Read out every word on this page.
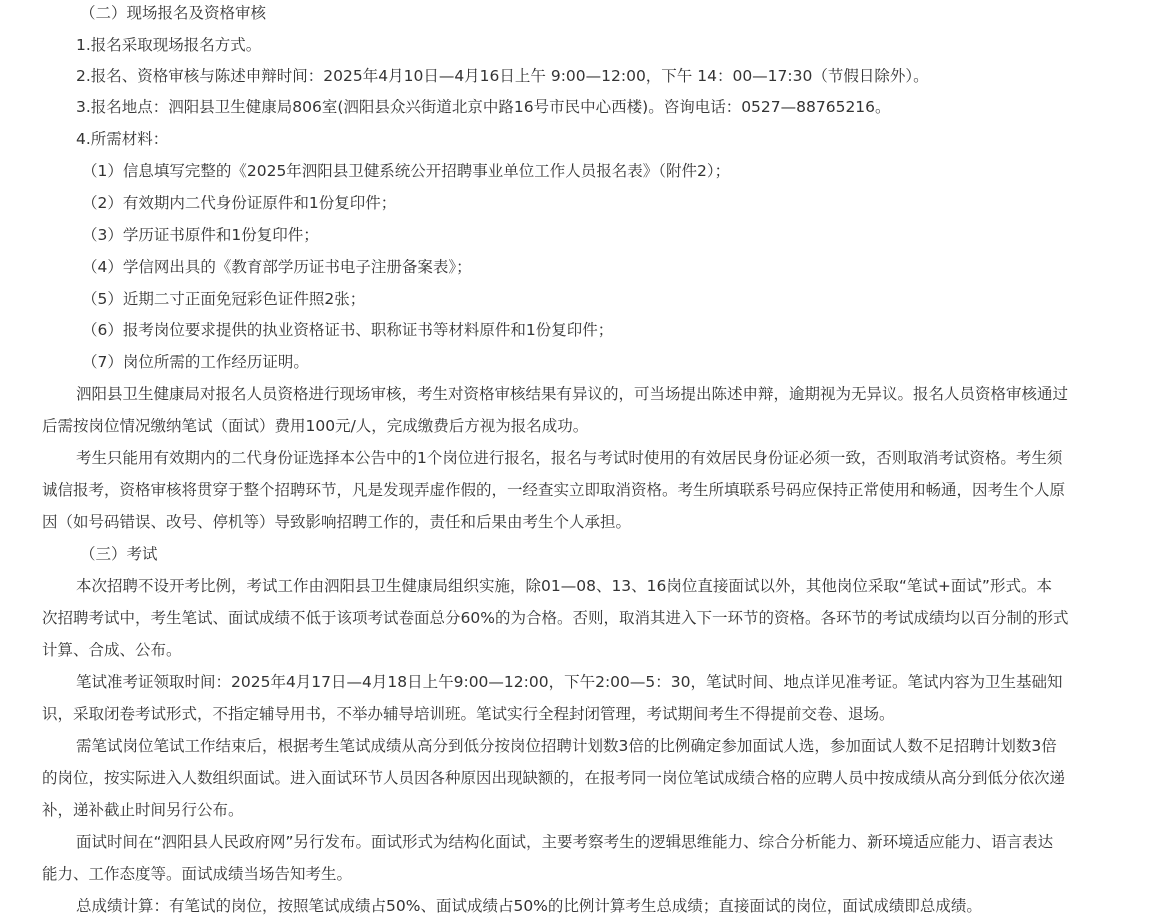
（二）现场报名及资格审核
1.报名采取现场报名方式。
2.报名、资格审核与陈述申辩时间：2025年4月10日—4月16日上午 9:00—12:00，下午 14：00—17:30（节假日除外）。
3.报名地点：泗阳县卫生健康局806室(泗阳县众兴街道北京中路16号市民中心西楼)。咨询电话：0527—88765216。
4.所需材料：
（1）信息填写完整的《2025年泗阳县卫健系统公开招聘事业单位工作人员报名表》（附件2）；
（2）有效期内二代身份证原件和1份复印件；
（3）学历证书原件和1份复印件；
（4）学信网出具的《教育部学历证书电子注册备案表》；
（5）近期二寸正面免冠彩色证件照2张；
（6）报考岗位要求提供的执业资格证书、职称证书等材料原件和1份复印件；
（7）岗位所需的工作经历证明。
泗阳县卫生健康局对报名人员资格进行现场审核，考生对资格审核结果有异议的，可当场提出陈述申辩，逾期视为无异议。报名人员资格审核通过
后需按岗位情况缴纳笔试（面试）费用100元/人，完成缴费后方视为报名成功。
考生只能用有效期内的二代身份证选择本公告中的1个岗位进行报名，报名与考试时使用的有效居民身份证必须一致，否则取消考试资格。考生须
诚信报考，资格审核将贯穿于整个招聘环节，凡是发现弄虚作假的，一经查实立即取消资格。考生所填联系号码应保持正常使用和畅通，因考生个人原
因（如号码错误、改号、停机等）导致影响招聘工作的，责任和后果由考生个人承担。
（三）考试
本次招聘不设开考比例，考试工作由泗阳县卫生健康局组织实施，除01—08、13、16岗位直接面试以外，其他岗位采取“笔试+面试”形式。本
次招聘考试中，考生笔试、面试成绩不低于该项考试卷面总分60%的为合格。否则，取消其进入下一环节的资格。各环节的考试成绩均以百分制的形式
计算、合成、公布。
笔试准考证领取时间：2025年4月17日—4月18日上午9:00—12:00，下午2:00—5：30，笔试时间、地点详见准考证。笔试内容为卫生基础知
识，采取闭卷考试形式，不指定辅导用书，不举办辅导培训班。笔试实行全程封闭管理，考试期间考生不得提前交卷、退场。
需笔试岗位笔试工作结束后，根据考生笔试成绩从高分到低分按岗位招聘计划数3倍的比例确定参加面试人选，参加面试人数不足招聘计划数3倍
的岗位，按实际进入人数组织面试。进入面试环节人员因各种原因出现缺额的，在报考同一岗位笔试成绩合格的应聘人员中按成绩从高分到低分依次递
补，递补截止时间另行公布。
面试时间在“泗阳县人民政府网”另行发布。面试形式为结构化面试，主要考察考生的逻辑思维能力、综合分析能力、新环境适应能力、语言表达
能力、工作态度等。面试成绩当场告知考生。
总成绩计算：有笔试的岗位，按照笔试成绩占50%、面试成绩占50%的比例计算考生总成绩；直接面试的岗位，面试成绩即总成绩。
